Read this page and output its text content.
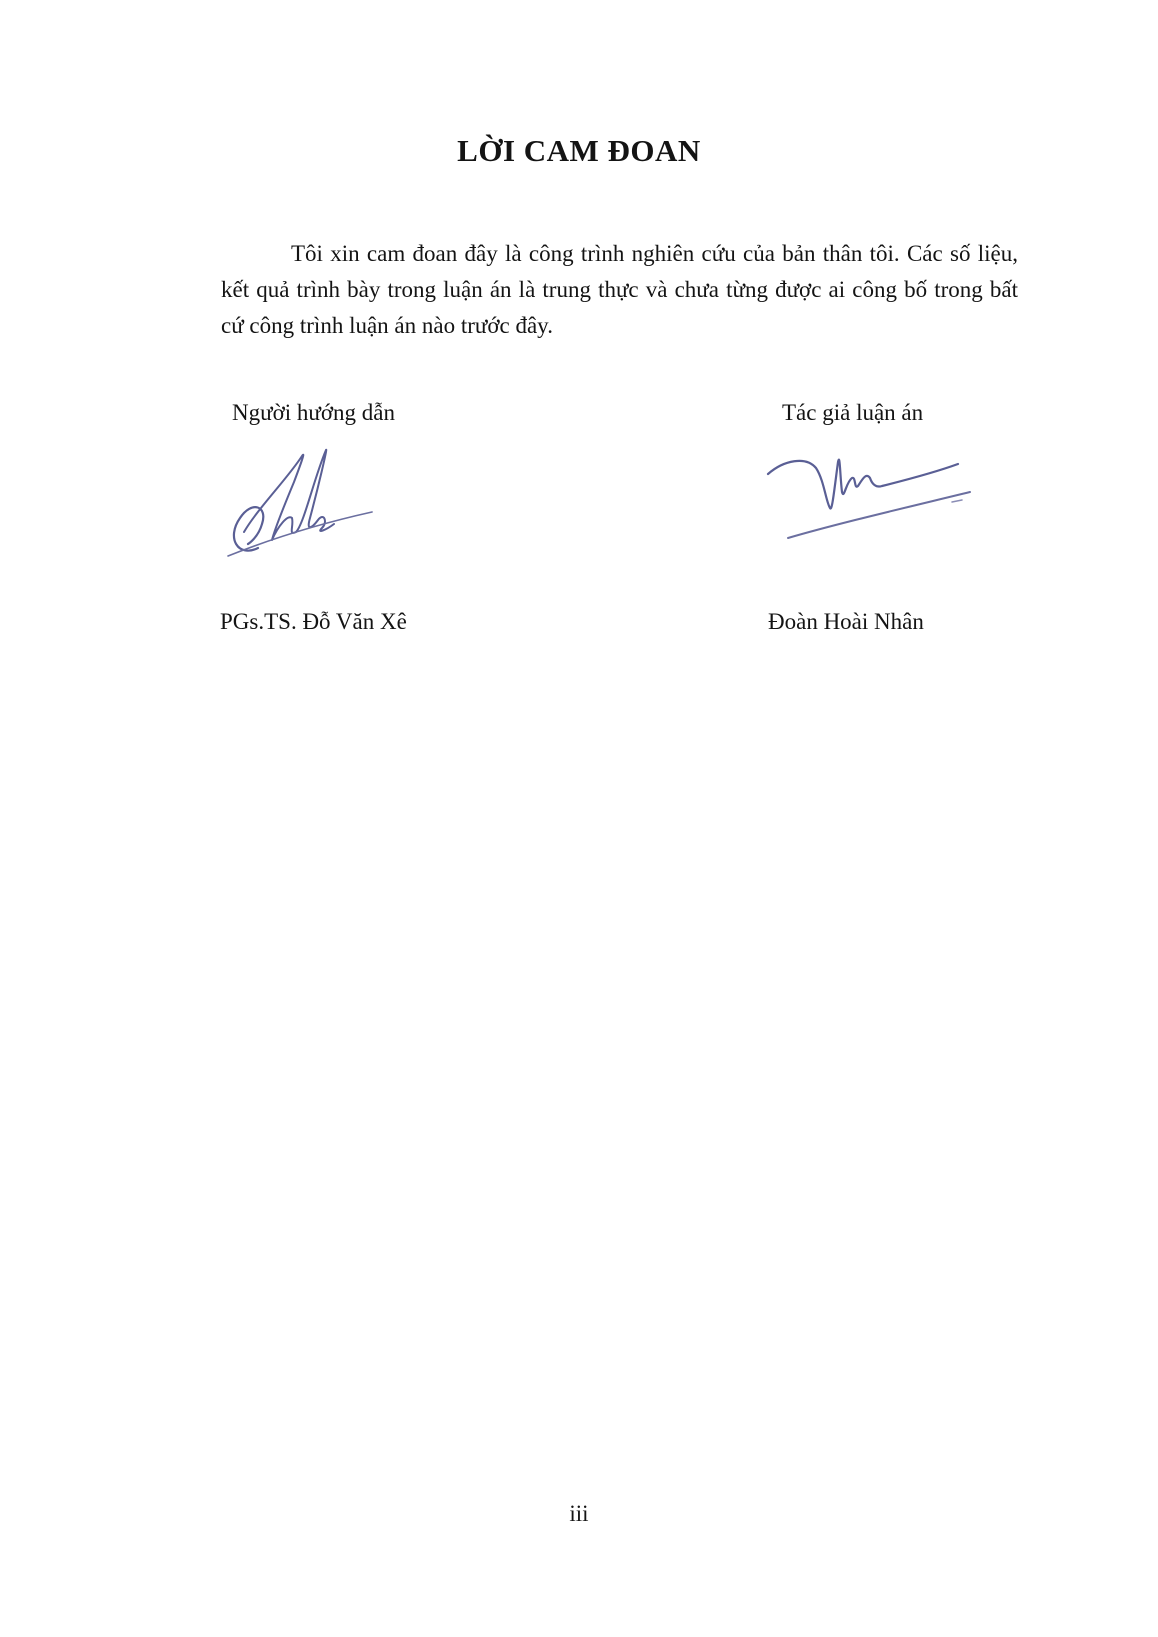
LỜI CAM ĐOAN

Tôi xin cam đoan đây là công trình nghiên cứu của bản thân tôi. Các số liệu, kết quả trình bày trong luận án là trung thực và chưa từng được ai công bố trong bất cứ công trình luận án nào trước đây.

Người hướng dẫn	Tác giả luận án
PGs.TS. Đỗ Văn Xê	Đoàn Hoài Nhân
iii
